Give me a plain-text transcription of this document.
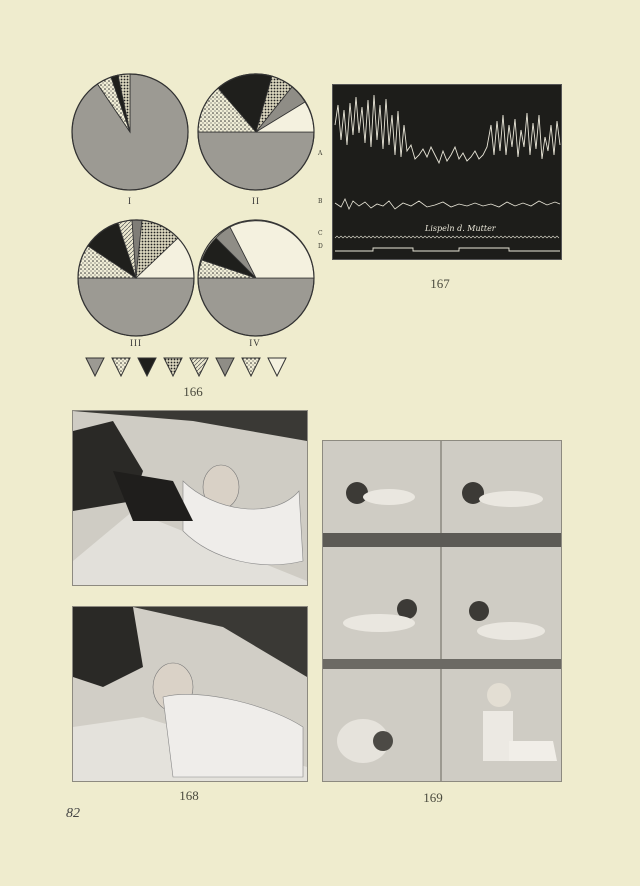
I	II
III	IV
166
A
B
C
D
Lispeln d. Mutter
167
168	169
82
